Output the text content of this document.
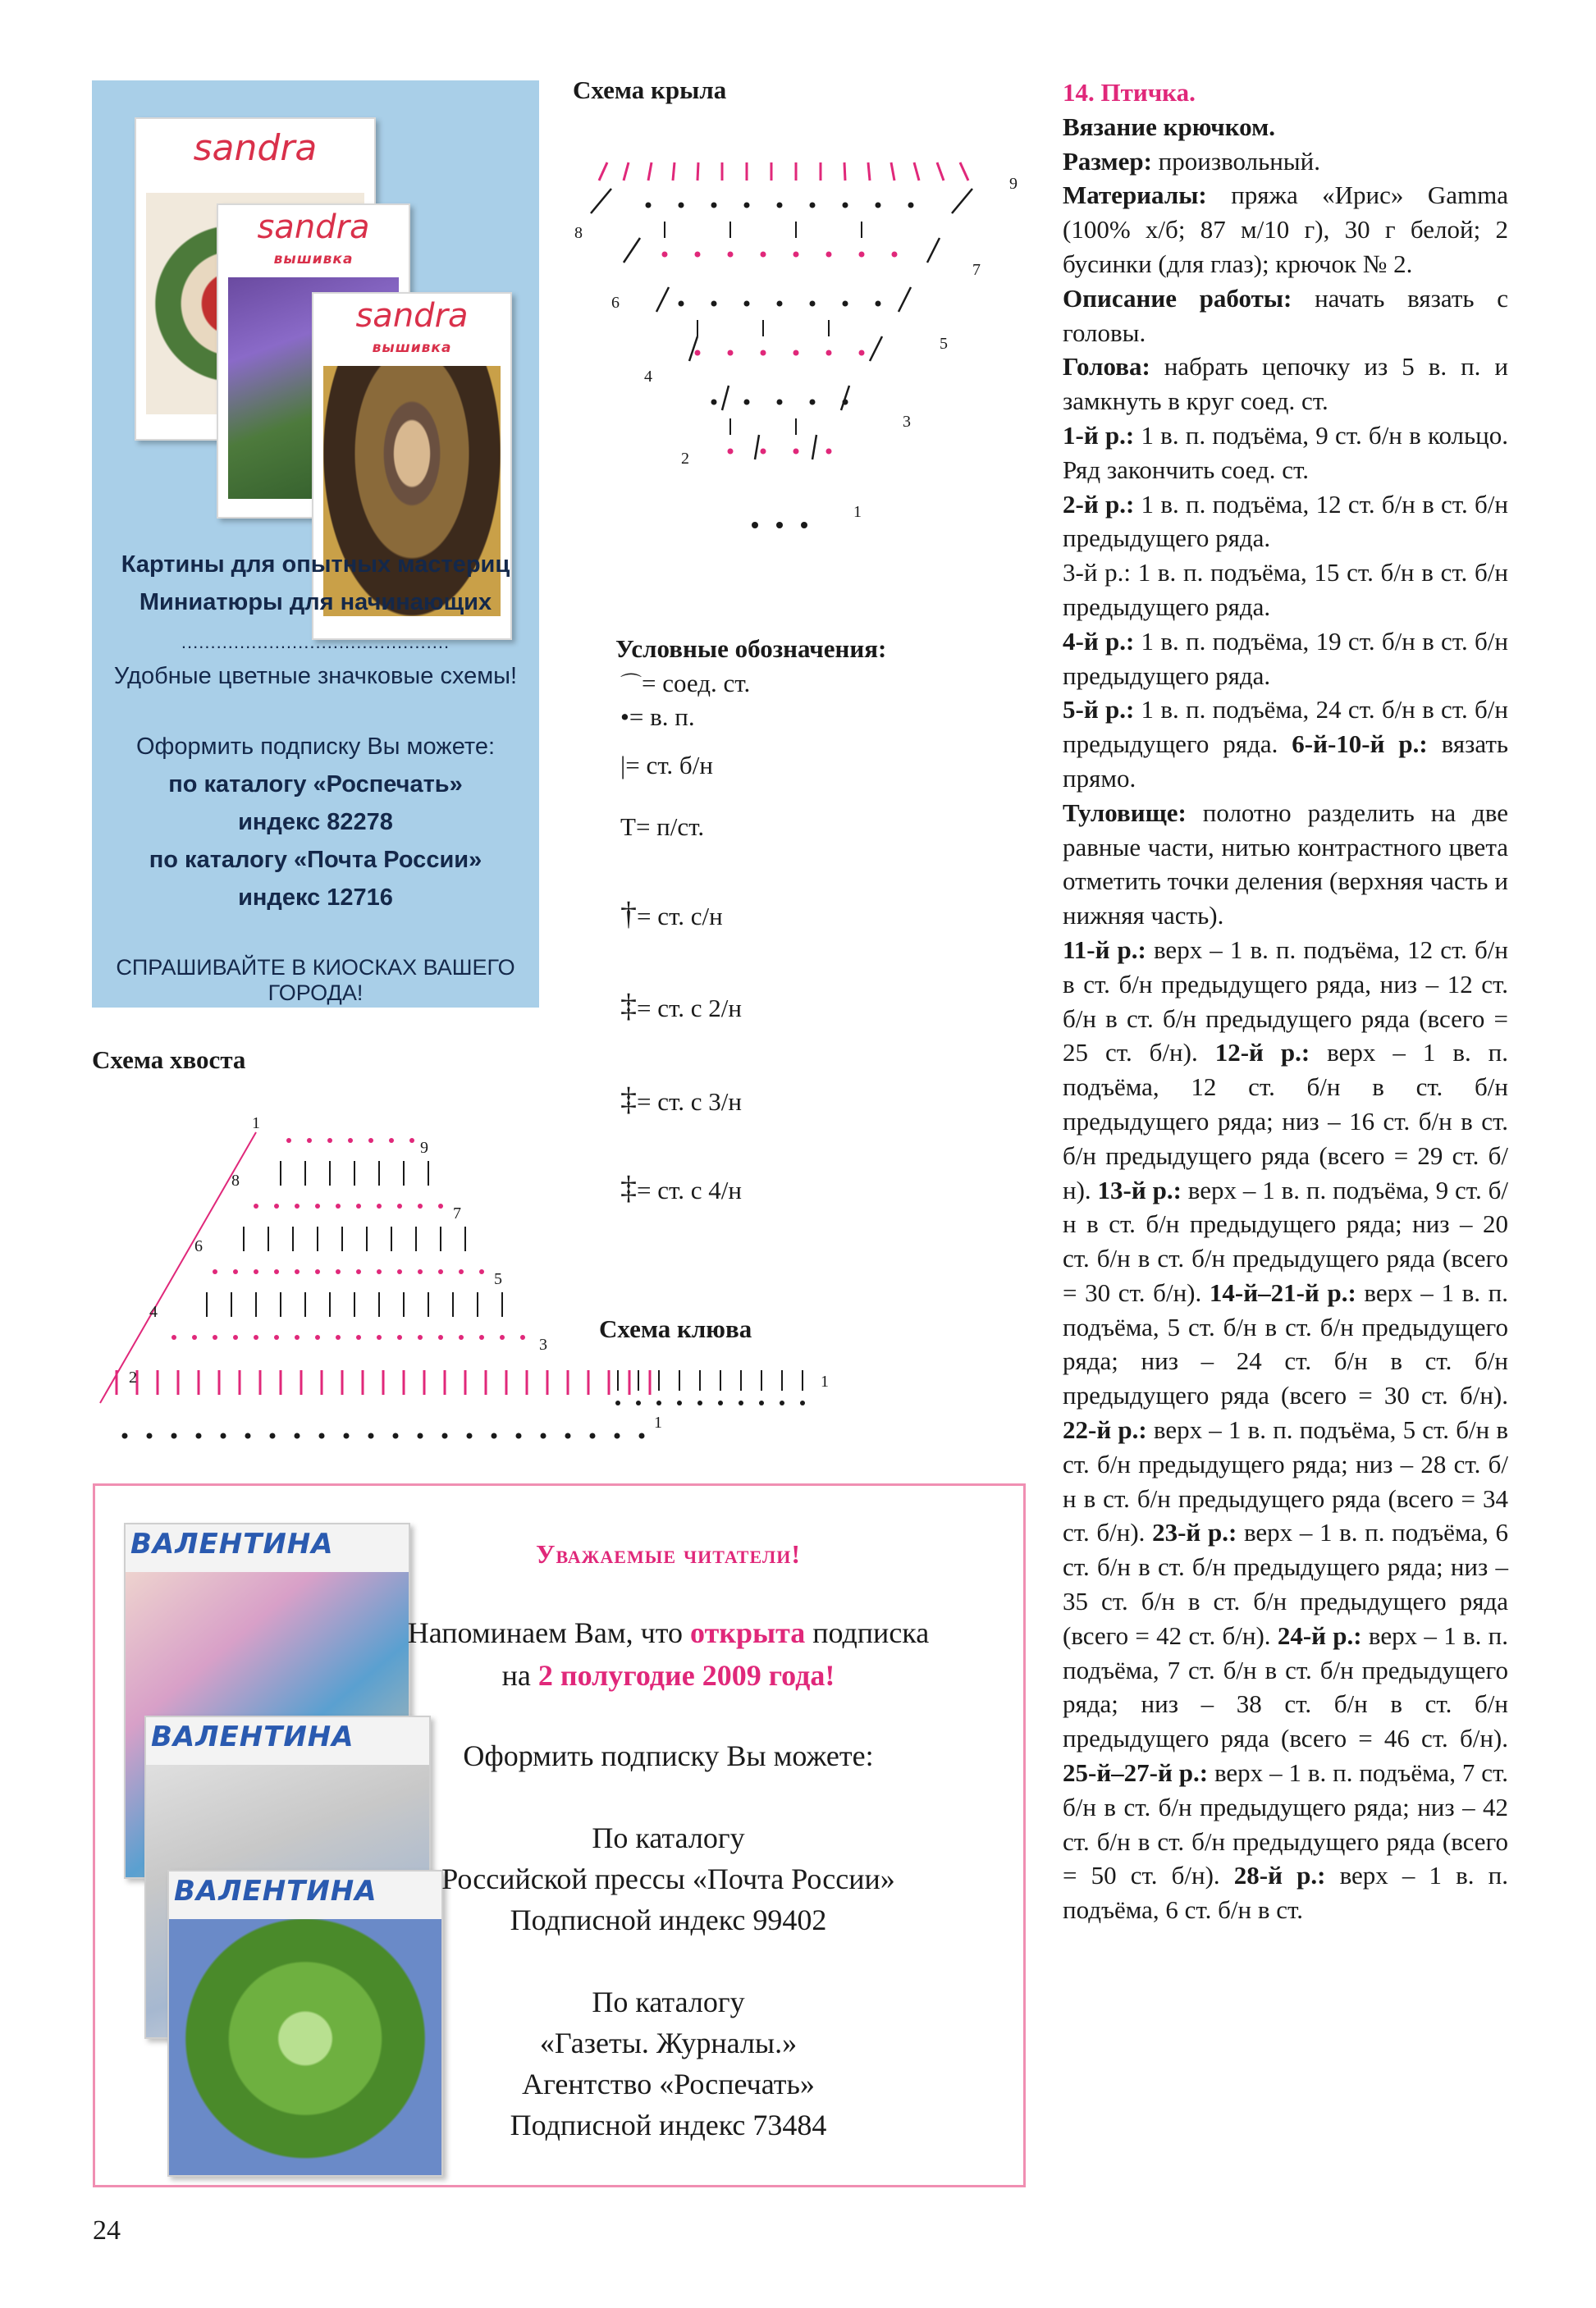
sandra
sandra
вышивка
sandra
вышивка
Картины для опытных мастериц
Миниатюры для начинающих
..............................................
Удобные цветные значковые схемы!
Оформить подписку Вы можете:
по каталогу «Роспечать»
индекс 82278
по каталогу «Почта России»
индекс 12716
СПРАШИВАЙТЕ В КИОСКАХ ВАШЕГО ГОРОДА!
Схема крыла
Схема хвоста
Схема клюва
8
6
4
2
9
7
5
3
1
Условные обозначения:
⌒= соед. ст.
•= в. п.
|= ст. б/н
T= п/ст.
†= ст. с/н
‡= ст. с 2/н
‡= ст. с 3/н
‡= ст. с 4/н
1
9
8
7
6
5
4
3
2
1
1
14. Птичка.
Вязание крючком.
Размер: произвольный.
Материалы: пряжа «Ирис» Gamma (100% х/б; 87 м/10 г), 30 г белой; 2 бусинки (для глаз); крючок № 2.
Описание работы: начать вязать с головы.
Голова: набрать цепочку из 5 в. п. и замкнуть в круг соед. ст.
1-й р.: 1 в. п. подъёма, 9 ст. б/н в кольцо. Ряд закончить соед. ст.
2-й р.: 1 в. п. подъёма, 12 ст. б/н в ст. б/н предыдущего ряда.
3-й р.: 1 в. п. подъёма, 15 ст. б/н в ст. б/н предыдущего ряда.
4-й р.: 1 в. п. подъёма, 19 ст. б/н в ст. б/н предыдущего ряда.
5-й р.: 1 в. п. подъёма, 24 ст. б/н в ст. б/н предыдущего ряда. 6-й-10-й р.: вязать прямо.
Туловище: полотно разделить на две равные части, нитью контрастного цвета отметить точки деления (верхняя часть и нижняя часть).
11-й р.: верх – 1 в. п. подъёма, 12 ст. б/н в ст. б/н предыдущего ряда, низ – 12 ст. б/н в ст. б/н предыдущего ряда (всего = 25 ст. б/н). 12-й р.: верх – 1 в. п. подъёма, 12 ст. б/н в ст. б/н предыдущего ряда; низ – 16 ст. б/н в ст. б/н предыдущего ряда (всего = 29 ст. б/н). 13-й р.: верх – 1 в. п. подъёма, 9 ст. б/н в ст. б/н предыдущего ряда; низ – 20 ст. б/н в ст. б/н предыдущего ряда (всего = 30 ст. б/н). 14-й–21-й р.: верх – 1 в. п. подъёма, 5 ст. б/н в ст. б/н предыдущего ряда; низ – 24 ст. б/н в ст. б/н предыдущего ряда (всего = 30 ст. б/н). 22-й р.: верх – 1 в. п. подъёма, 5 ст. б/н в ст. б/н предыдущего ряда; низ – 28 ст. б/н в ст. б/н предыдущего ряда (всего = 34 ст. б/н). 23-й р.: верх – 1 в. п. подъёма, 6 ст. б/н в ст. б/н предыдущего ряда; низ – 35 ст. б/н в ст. б/н предыдущего ряда (всего = 42 ст. б/н). 24-й р.: верх – 1 в. п. подъёма, 7 ст. б/н в ст. б/н предыдущего ряда; низ – 38 ст. б/н в ст. б/н предыдущего ряда (всего = 46 ст. б/н). 25-й–27-й р.: верх – 1 в. п. подъёма, 7 ст. б/н в ст. б/н предыдущего ряда; низ – 42 ст. б/н в ст. б/н предыдущего ряда (всего = 50 ст. б/н). 28-й р.: верх – 1 в. п. подъёма, 6 ст. б/н в ст.
ВАЛЕНТИНА
ВАЛЕНТИНА
ВАЛЕНТИНА
Уважаемые читатели!
Напоминаем Вам, что открыта подписка
на 2 полугодие 2009 года!
Оформить подписку Вы можете:
По каталогу
Российской прессы «Почта России»
Подписной индекс 99402
По каталогу
«Газеты. Журналы.»
Агентство «Роспечать»
Подписной индекс 73484
24
